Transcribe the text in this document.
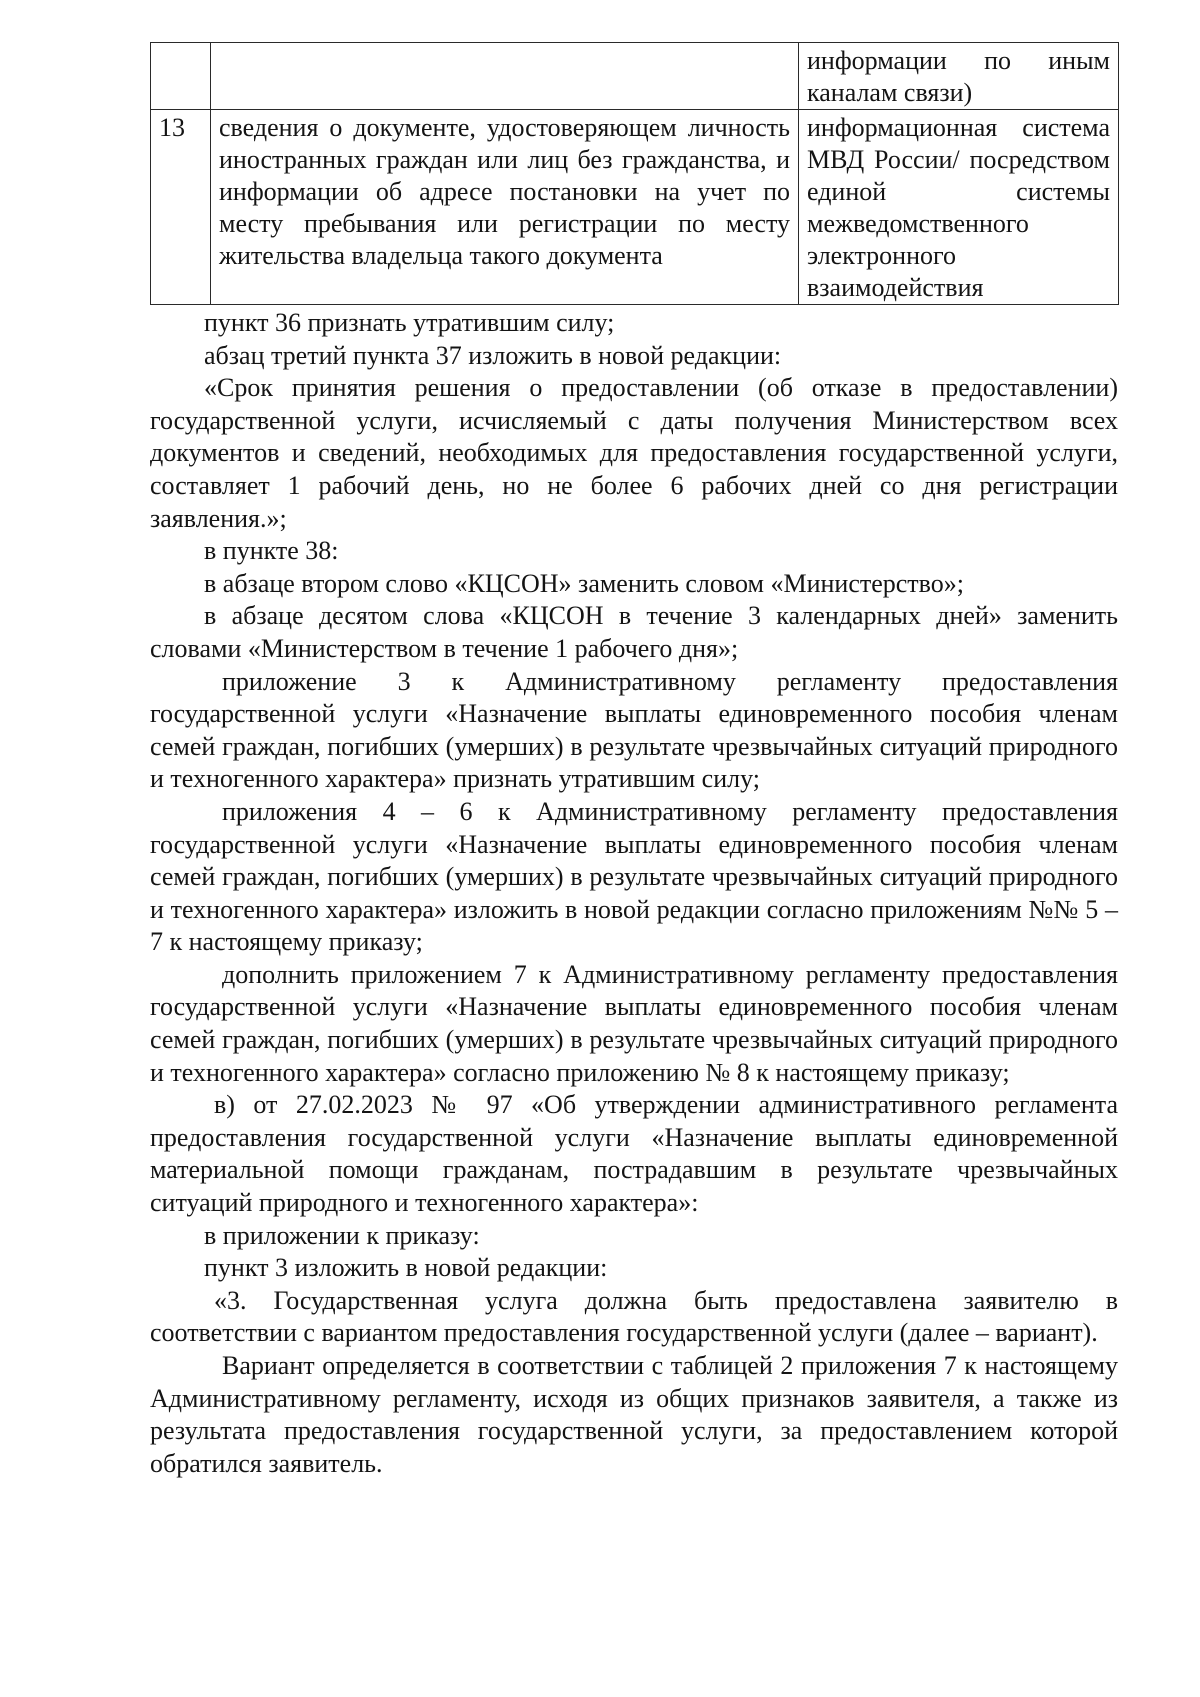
		информации по иным каналам связи)
13	сведения о документе, удостоверяющем личность иностранных граждан или лиц без гражданства, и информации об адресе постановки на учет по месту пребывания или регистрации по месту жительства владельца такого документа	информационная система МВД России/ посредством единой системы межведомственного электронного взаимодействия

пункт 36 признать утратившим силу;

абзац третий пункта 37 изложить в новой редакции:

«Срок принятия решения о предоставлении (об отказе в предоставлении) государственной услуги, исчисляемый с даты получения Министерством всех документов и сведений, необходимых для предоставления государственной услуги, составляет 1 рабочий день, но не более 6 рабочих дней со дня регистрации заявления.»;

в пункте 38:

в абзаце втором слово «КЦСОН» заменить словом «Министерство»;

в абзаце десятом слова «КЦСОН в течение 3 календарных дней» заменить словами «Министерством в течение 1 рабочего дня»;

приложение 3 к Административному регламенту предоставления государственной услуги «Назначение выплаты единовременного пособия членам семей граждан, погибших (умерших) в результате чрезвычайных ситуаций природного и техногенного характера» признать утратившим силу;

приложения 4 – 6 к Административному регламенту предоставления государственной услуги «Назначение выплаты единовременного пособия членам семей граждан, погибших (умерших) в результате чрезвычайных ситуаций природного и техногенного характера» изложить в новой редакции согласно приложениям №№ 5 – 7 к настоящему приказу;

дополнить приложением 7 к Административному регламенту предоставления государственной услуги «Назначение выплаты единовременного пособия членам семей граждан, погибших (умерших) в результате чрезвычайных ситуаций природного и техногенного характера» согласно приложению № 8 к настоящему приказу;

в) от 27.02.2023 № 97 «Об утверждении административного регламента предоставления государственной услуги «Назначение выплаты единовременной материальной помощи гражданам, пострадавшим в результате чрезвычайных ситуаций природного и техногенного характера»:

в приложении к приказу:

пункт 3 изложить в новой редакции:

«3. Государственная услуга должна быть предоставлена заявителю в соответствии с вариантом предоставления государственной услуги (далее – вариант).

Вариант определяется в соответствии с таблицей 2 приложения 7 к настоящему Административному регламенту, исходя из общих признаков заявителя, а также из результата предоставления государственной услуги, за предоставлением которой обратился заявитель.
